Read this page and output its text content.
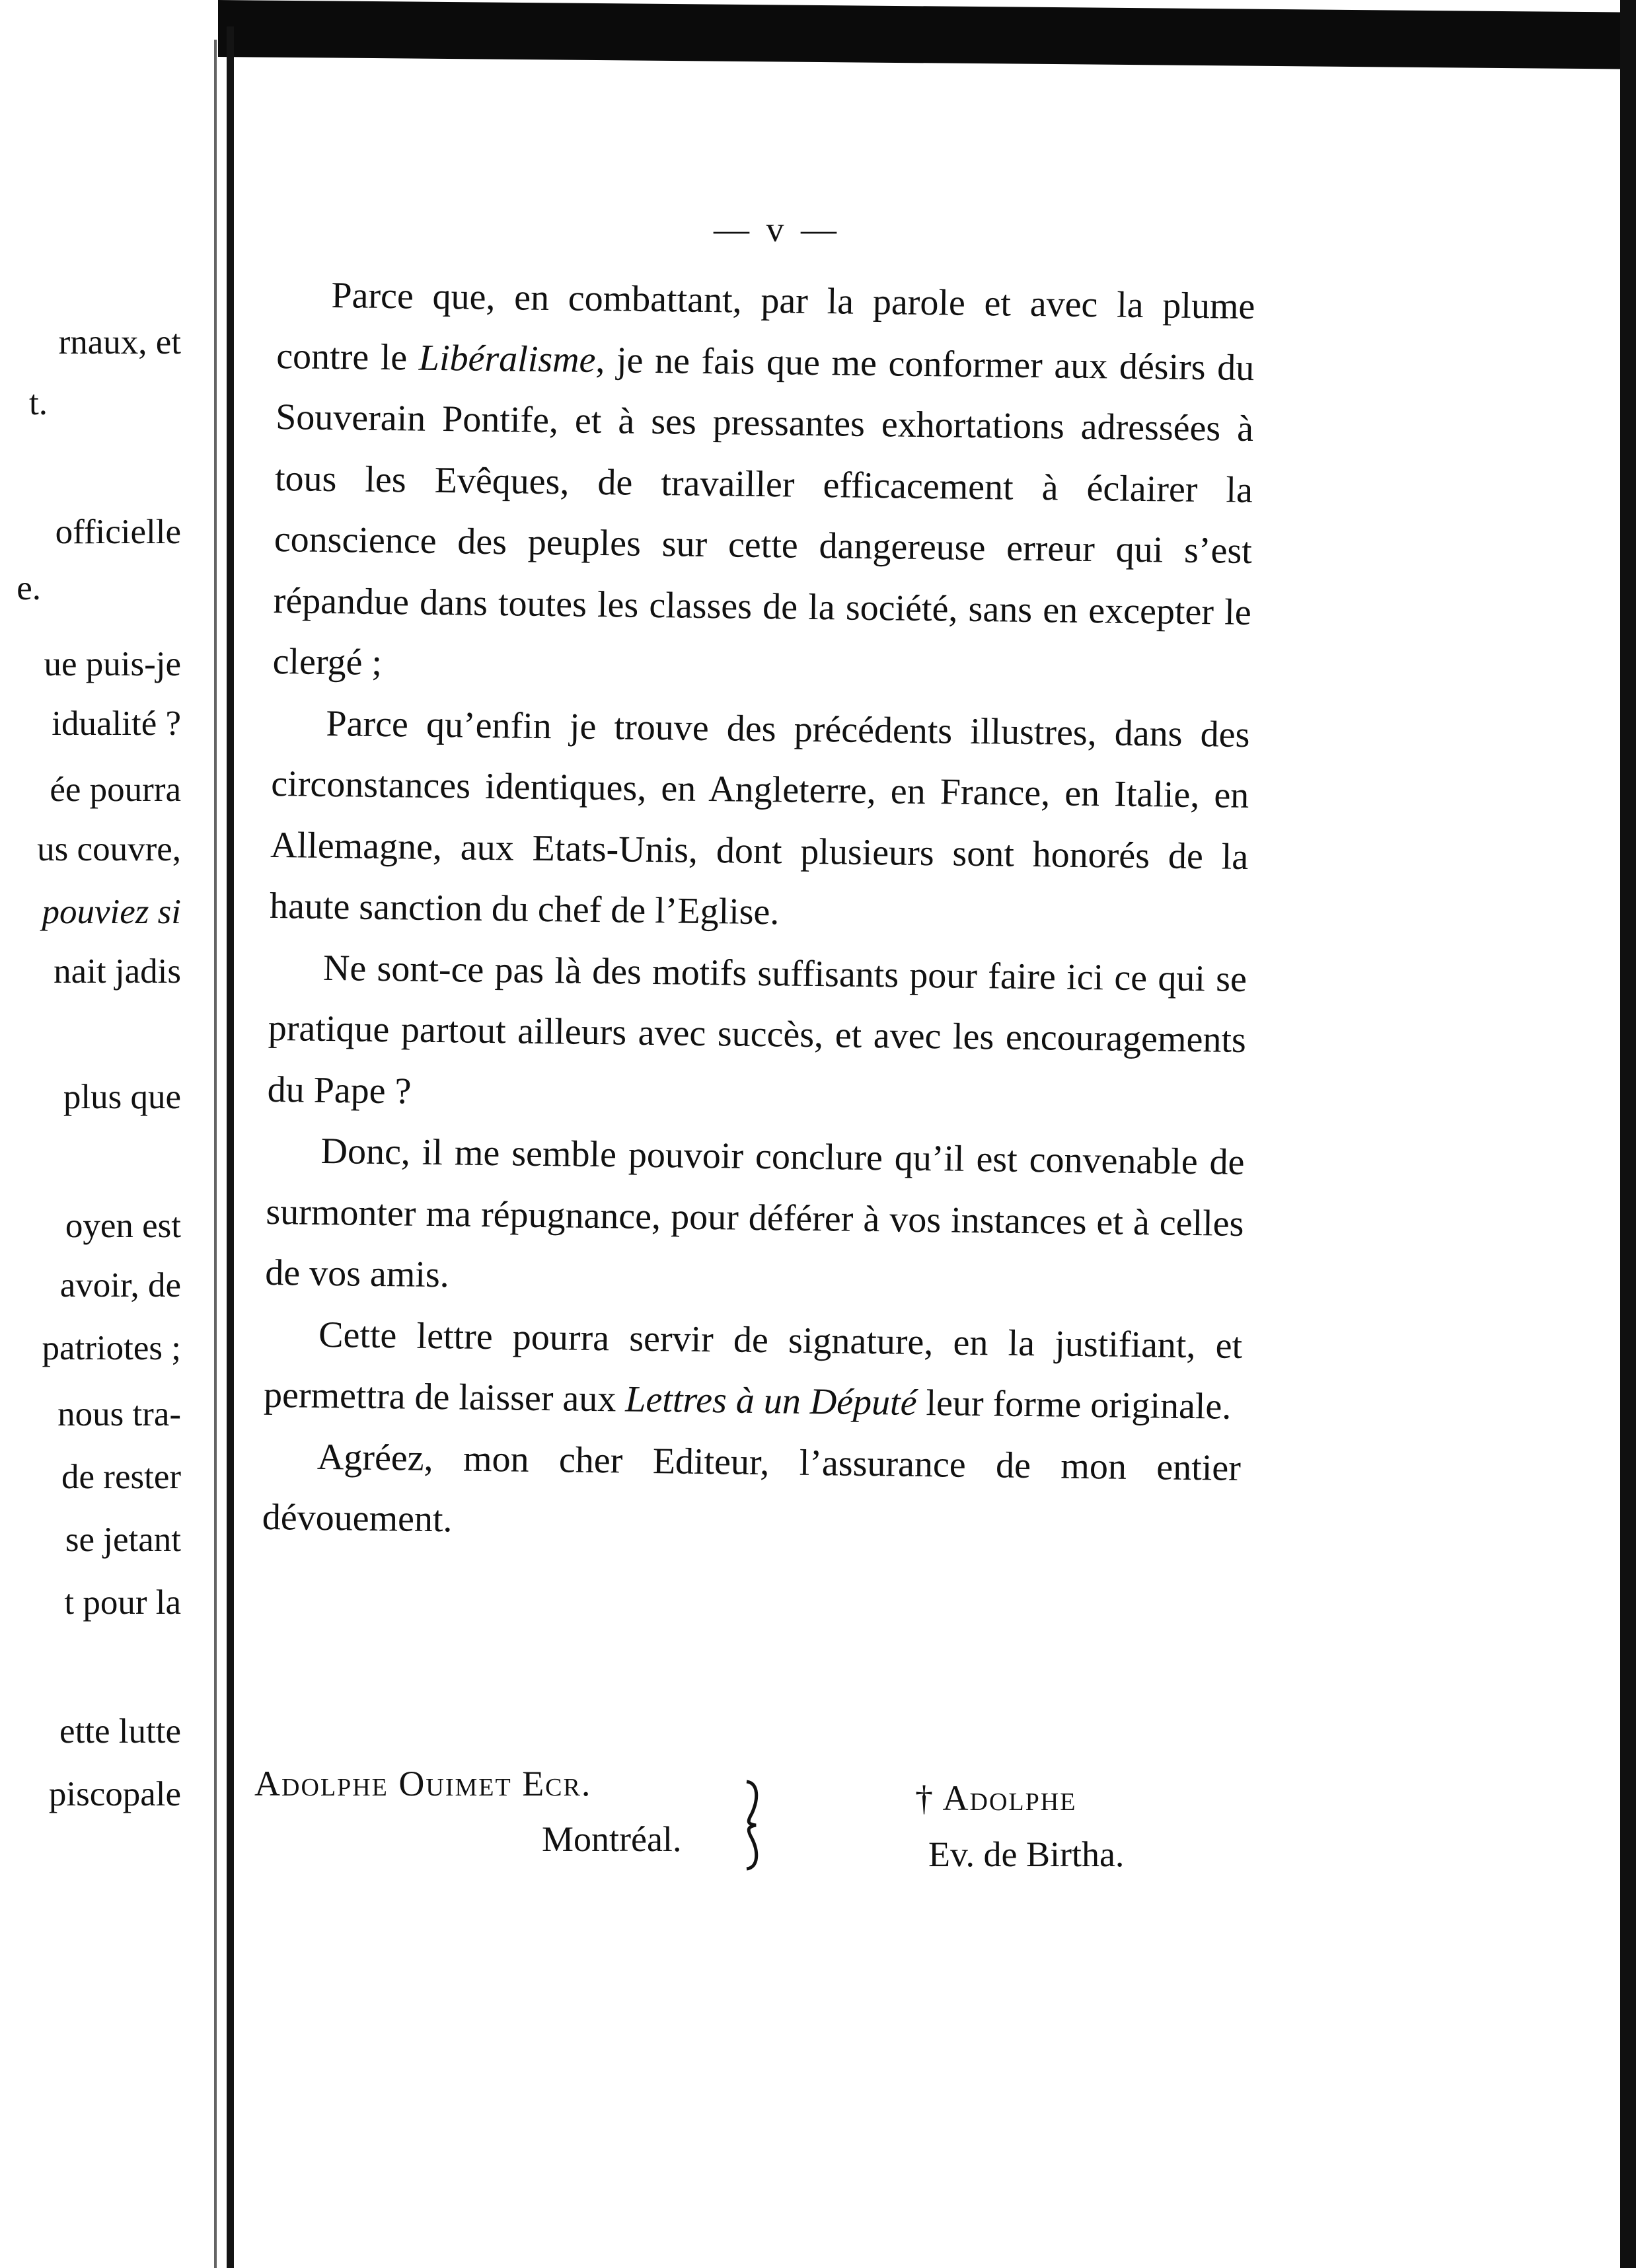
rnaux, et
t.
officielle
e.
ue puis-je
idualité ?
ée pourra
us couvre,
pouviez si
nait jadis
plus que
oyen est
avoir, de
patriotes ;
nous tra-
de rester
se jetant
t pour la
ette lutte
piscopale
— v —

Parce que, en combattant, par la parole et avec la plume contre le Libéralisme, je ne fais que me conformer aux désirs du Souverain Pontife, et à ses pressantes exhortations adressées à tous les Evêques, de travailler efficacement à éclairer la conscience des peuples sur cette dangereuse erreur qui s’est répandue dans toutes les classes de la société, sans en excepter le clergé ;

Parce qu’enfin je trouve des précédents illustres, dans des circonstances identiques, en Angleterre, en France, en Italie, en Allemagne, aux Etats-Unis, dont plusieurs sont honorés de la haute sanction du chef de l’Eglise.

Ne sont-ce pas là des motifs suffisants pour faire ici ce qui se pratique partout ailleurs avec succès, et avec les encouragements du Pape ?

Donc, il me semble pouvoir conclure qu’il est convenable de surmonter ma répugnance, pour déférer à vos instances et à celles de vos amis.

Cette lettre pourra servir de signature, en la justifiant, et permettra de laisser aux Lettres à un Député leur forme originale.

Agréez, mon cher Editeur, l’assurance de mon entier dévouement.

Adolphe Ouimet Ecr.
Montréal.
† Adolphe
Ev. de Birtha.
